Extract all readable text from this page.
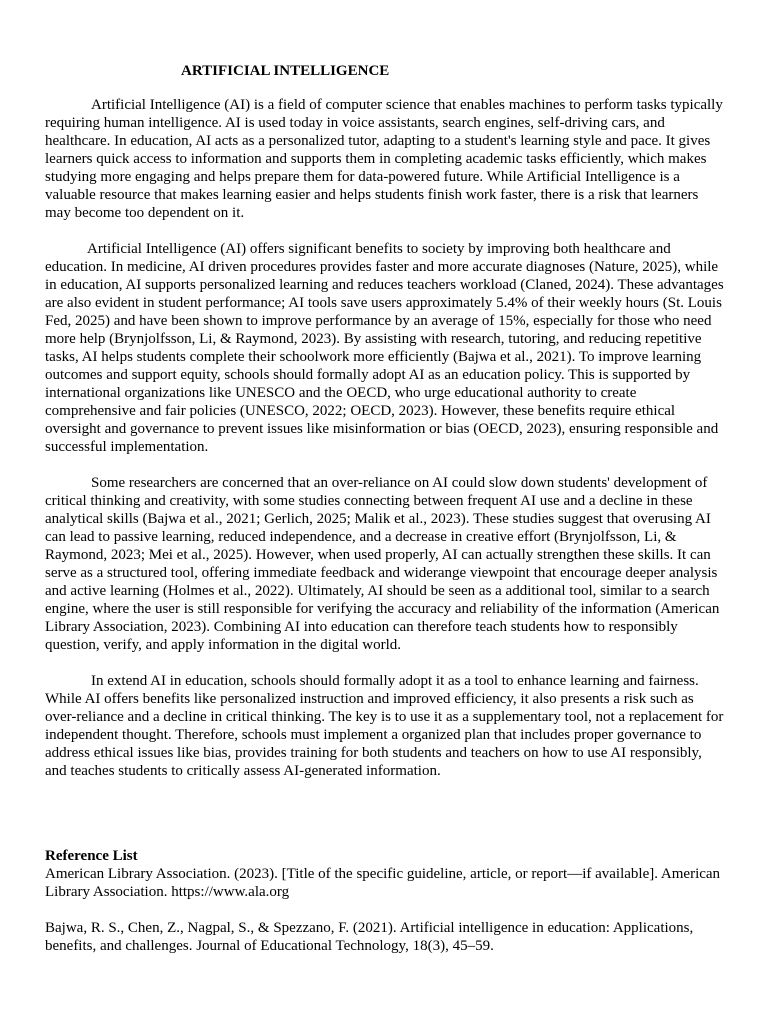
ARTIFICIAL INTELLIGENCE

Artificial Intelligence (AI) is a field of computer science that enables machines to perform tasks typically requiring human intelligence. AI is used today in voice assistants, search engines, self-driving cars, and healthcare. In education, AI acts as a personalized tutor, adapting to a student's learning style and pace. It gives learners quick access to information and supports them in completing academic tasks efficiently, which makes studying more engaging and helps prepare them for data-powered future. While Artificial Intelligence is a valuable resource that makes learning easier and helps students finish work faster, there is a risk that learners may become too dependent on it.

Artificial Intelligence (AI) offers significant benefits to society by improving both healthcare and education. In medicine, AI driven procedures provides faster and more accurate diagnoses (Nature, 2025), while in education, AI supports personalized learning and reduces teachers workload (Claned, 2024). These advantages are also evident in student performance; AI tools save users approximately 5.4% of their weekly hours (St. Louis Fed, 2025) and have been shown to improve performance by an average of 15%, especially for those who need more help (Brynjolfsson, Li, & Raymond, 2023). By assisting with research, tutoring, and reducing repetitive tasks, AI helps students complete their schoolwork more efficiently (Bajwa et al., 2021). To improve learning outcomes and support equity, schools should formally adopt AI as an education policy. This is supported by international organizations like UNESCO and the OECD, who urge educational authority to create comprehensive and fair policies (UNESCO, 2022; OECD, 2023). However, these benefits require ethical oversight and governance to prevent issues like misinformation or bias (OECD, 2023), ensuring responsible and successful implementation.

Some researchers are concerned that an over-reliance on AI could slow down students' development of critical thinking and creativity, with some studies connecting between frequent AI use and a decline in these analytical skills (Bajwa et al., 2021; Gerlich, 2025; Malik et al., 2023). These studies suggest that overusing AI can lead to passive learning, reduced independence, and a decrease in creative effort (Brynjolfsson, Li, & Raymond, 2023; Mei et al., 2025). However, when used properly, AI can actually strengthen these skills. It can serve as a structured tool, offering immediate feedback and widerange viewpoint that encourage deeper analysis and active learning (Holmes et al., 2022). Ultimately, AI should be seen as a additional tool, similar to a search engine, where the user is still responsible for verifying the accuracy and reliability of the information (American Library Association, 2023). Combining AI into education can therefore teach students how to responsibly question, verify, and apply information in the digital world.

In extend AI in education, schools should formally adopt it as a tool to enhance learning and fairness. While AI offers benefits like personalized instruction and improved efficiency, it also presents a risk such as over-reliance and a decline in critical thinking. The key is to use it as a supplementary tool, not a replacement for independent thought. Therefore, schools must implement a organized plan that includes proper governance to address ethical issues like bias, provides training for both students and teachers on how to use AI responsibly, and teaches students to critically assess AI-generated information.

Reference List

American Library Association. (2023). [Title of the specific guideline, article, or report—if available]. American Library Association. https://www.ala.org

Bajwa, R. S., Chen, Z., Nagpal, S., & Spezzano, F. (2021). Artificial intelligence in education: Applications, benefits, and challenges. Journal of Educational Technology, 18(3), 45–59.
